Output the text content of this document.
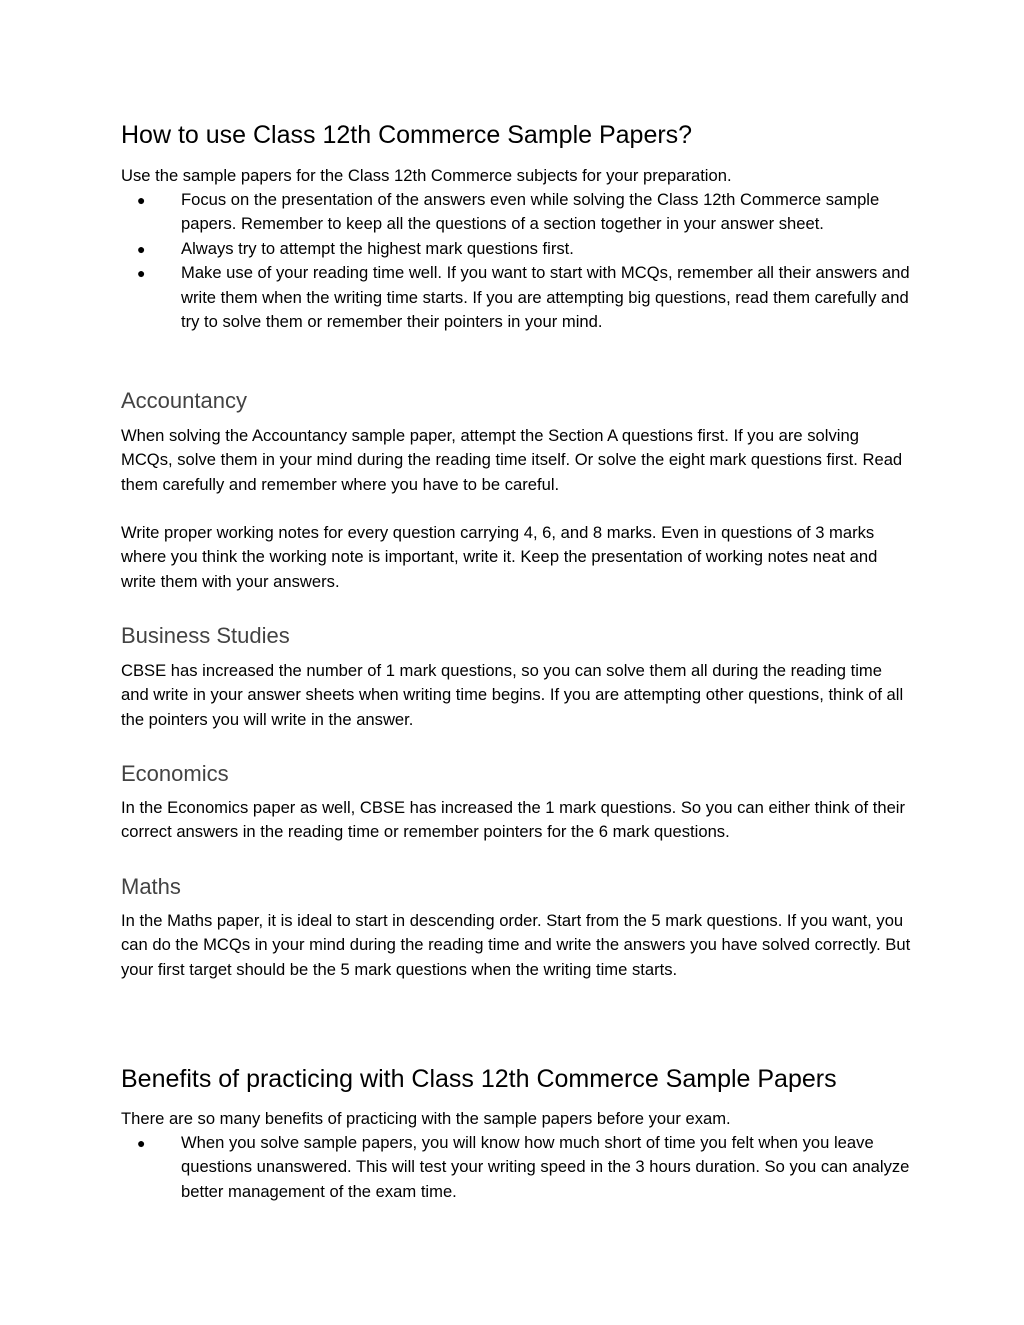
How to use Class 12th Commerce Sample Papers?

Use the sample papers for the Class 12th Commerce subjects for your preparation.

● Focus on the presentation of the answers even while solving the Class 12th Commerce sample papers. Remember to keep all the questions of a section together in your answer sheet.
● Always try to attempt the highest mark questions first.
● Make use of your reading time well. If you want to start with MCQs, remember all their answers and write them when the writing time starts. If you are attempting big questions, read them carefully and try to solve them or remember their pointers in your mind.
Accountancy

When solving the Accountancy sample paper, attempt the Section A questions first. If you are solving MCQs, solve them in your mind during the reading time itself. Or solve the eight mark questions first. Read them carefully and remember where you have to be careful.

Write proper working notes for every question carrying 4, 6, and 8 marks. Even in questions of 3 marks where you think the working note is important, write it. Keep the presentation of working notes neat and write them with your answers.

Business Studies

CBSE has increased the number of 1 mark questions, so you can solve them all during the reading time and write in your answer sheets when writing time begins. If you are attempting other questions, think of all the pointers you will write in the answer.

Economics

In the Economics paper as well, CBSE has increased the 1 mark questions. So you can either think of their correct answers in the reading time or remember pointers for the 6 mark questions.

Maths

In the Maths paper, it is ideal to start in descending order. Start from the 5 mark questions. If you want, you can do the MCQs in your mind during the reading time and write the answers you have solved correctly. But your first target should be the 5 mark questions when the writing time starts.

Benefits of practicing with Class 12th Commerce Sample Papers

There are so many benefits of practicing with the sample papers before your exam.

● When you solve sample papers, you will know how much short of time you felt when you leave questions unanswered. This will test your writing speed in the 3 hours duration. So you can analyze better management of the exam time.
